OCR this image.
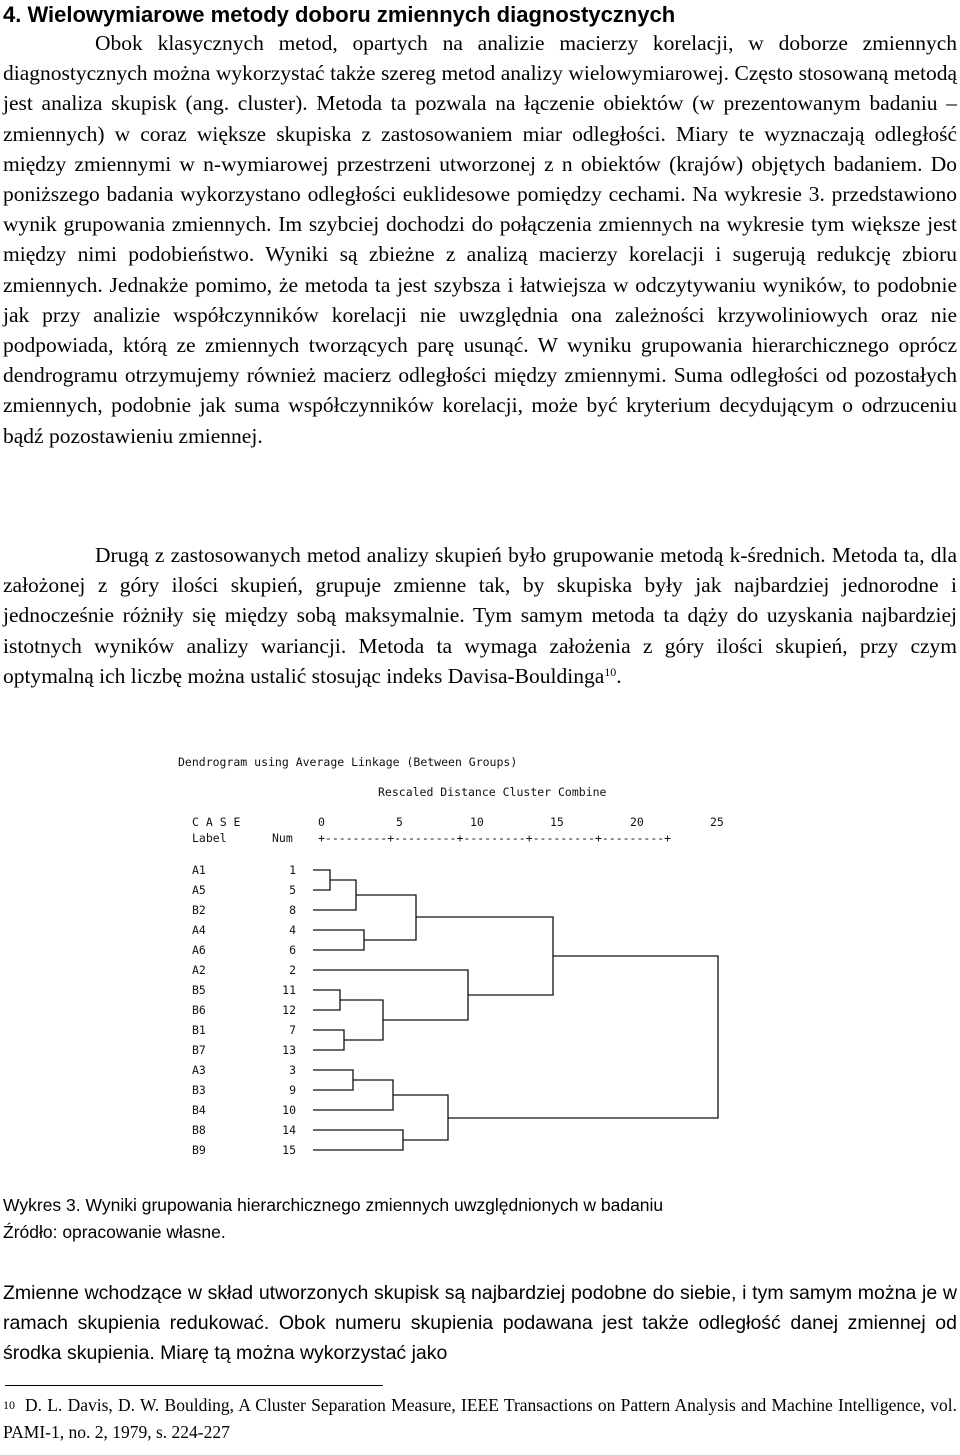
4. Wielowymiarowe metody doboru zmiennych diagnostycznych
Obok klasycznych metod, opartych na analizie macierzy korelacji, w doborze zmiennych diagnostycznych można wykorzystać także szereg metod analizy wielowymiarowej. Często stosowaną metodą jest analiza skupisk (ang. cluster). Metoda ta pozwala na łączenie obiektów (w prezentowanym badaniu – zmiennych) w coraz większe skupiska z zastosowaniem miar odległości. Miary te wyznaczają odległość między zmiennymi w n-wymiarowej przestrzeni utworzonej z n obiektów (krajów) objętych badaniem. Do poniższego badania wykorzystano odległości euklidesowe pomiędzy cechami. Na wykresie 3. przedstawiono wynik grupowania zmiennych. Im szybciej dochodzi do połączenia zmiennych na wykresie tym większe jest między nimi podobieństwo. Wyniki są zbieżne z analizą macierzy korelacji i sugerują redukcję zbioru zmiennych. Jednakże pomimo, że metoda ta jest szybsza i łatwiejsza w odczytywaniu wyników, to podobnie jak przy analizie współczynników korelacji nie uwzględnia ona zależności krzywoliniowych oraz nie podpowiada, którą ze zmiennych tworzących parę usunąć. W wyniku grupowania hierarchicznego oprócz dendrogramu otrzymujemy również macierz odległości między zmiennymi. Suma odległości od pozostałych zmiennych, podobnie jak suma współczynników korelacji, może być kryterium decydującym o odrzuceniu bądź pozostawieniu zmiennej.
Drugą z zastosowanych metod analizy skupień było grupowanie metodą k-średnich. Metoda ta, dla założonej z góry ilości skupień, grupuje zmienne tak, by skupiska były jak najbardziej jednorodne i jednocześnie różniły się między sobą maksymalnie. Tym samym metoda ta dąży do uzyskania najbardziej istotnych wyników analizy wariancji. Metoda ta wymaga założenia z góry ilości skupień, przy czym optymalną ich liczbę można ustalić stosując indeks Davisa-Bouldinga$^{10}$.
Dendrogram using Average Linkage (Between Groups)
Rescaled Distance Cluster Combine
C A S E
Label	Num
0	5	10	15	20	25
+---------+---------+---------+---------+---------+
A1	1
A5	5
B2	8
A4	4
A6	6
A2	2
B5	11
B6	12
B1	7
B7	13
A3	3
B3	9
B4	10
B8	14
B9	15
Wykres 3. Wyniki grupowania hierarchicznego zmiennych uwzględnionych w badaniu
Źródło: opracowanie własne.
Zmienne wchodzące w skład utworzonych skupisk są najbardziej podobne do siebie, i tym samym można je w ramach skupienia redukować. Obok numeru skupienia podawana jest także odległość danej zmiennej od środka skupienia. Miarę tą można wykorzystać jako
$^{10}$ D. L. Davis, D. W. Boulding, A Cluster Separation Measure, IEEE Transactions on Pattern Analysis and Machine Intelligence, vol. PAMI-1, no. 2, 1979, s. 224-227
